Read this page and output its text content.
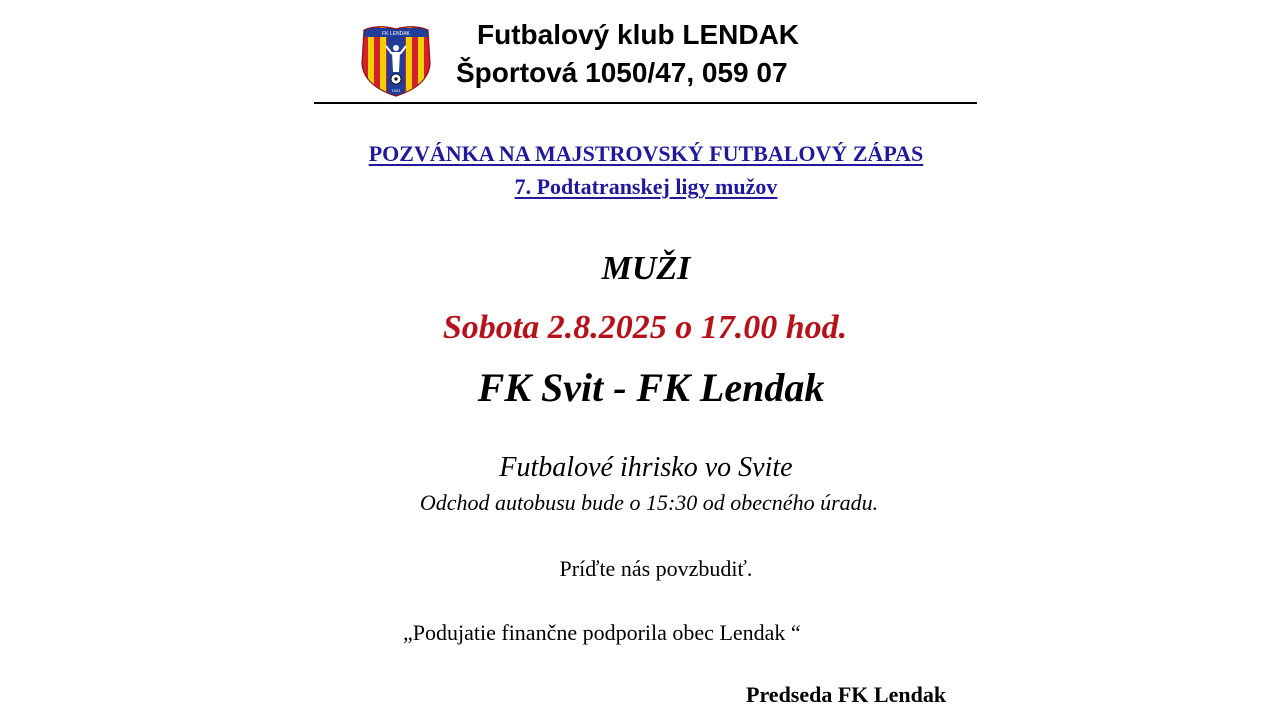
FK LENDAK
1931
Futbalový klub LENDAK
Športová 1050/47, 059 07
POZVÁNKA NA MAJSTROVSKÝ FUTBALOVÝ ZÁPAS
7. Podtatranskej ligy mužov
MUŽI
Sobota 2.8.2025 o 17.00 hod.
FK Svit - FK Lendak
Futbalové ihrisko vo Svite
Odchod autobusu bude o 15:30 od obecného úradu.
Príďte nás povzbudiť.
„Podujatie finančne podporila obec Lendak “
Predseda FK Lendak
